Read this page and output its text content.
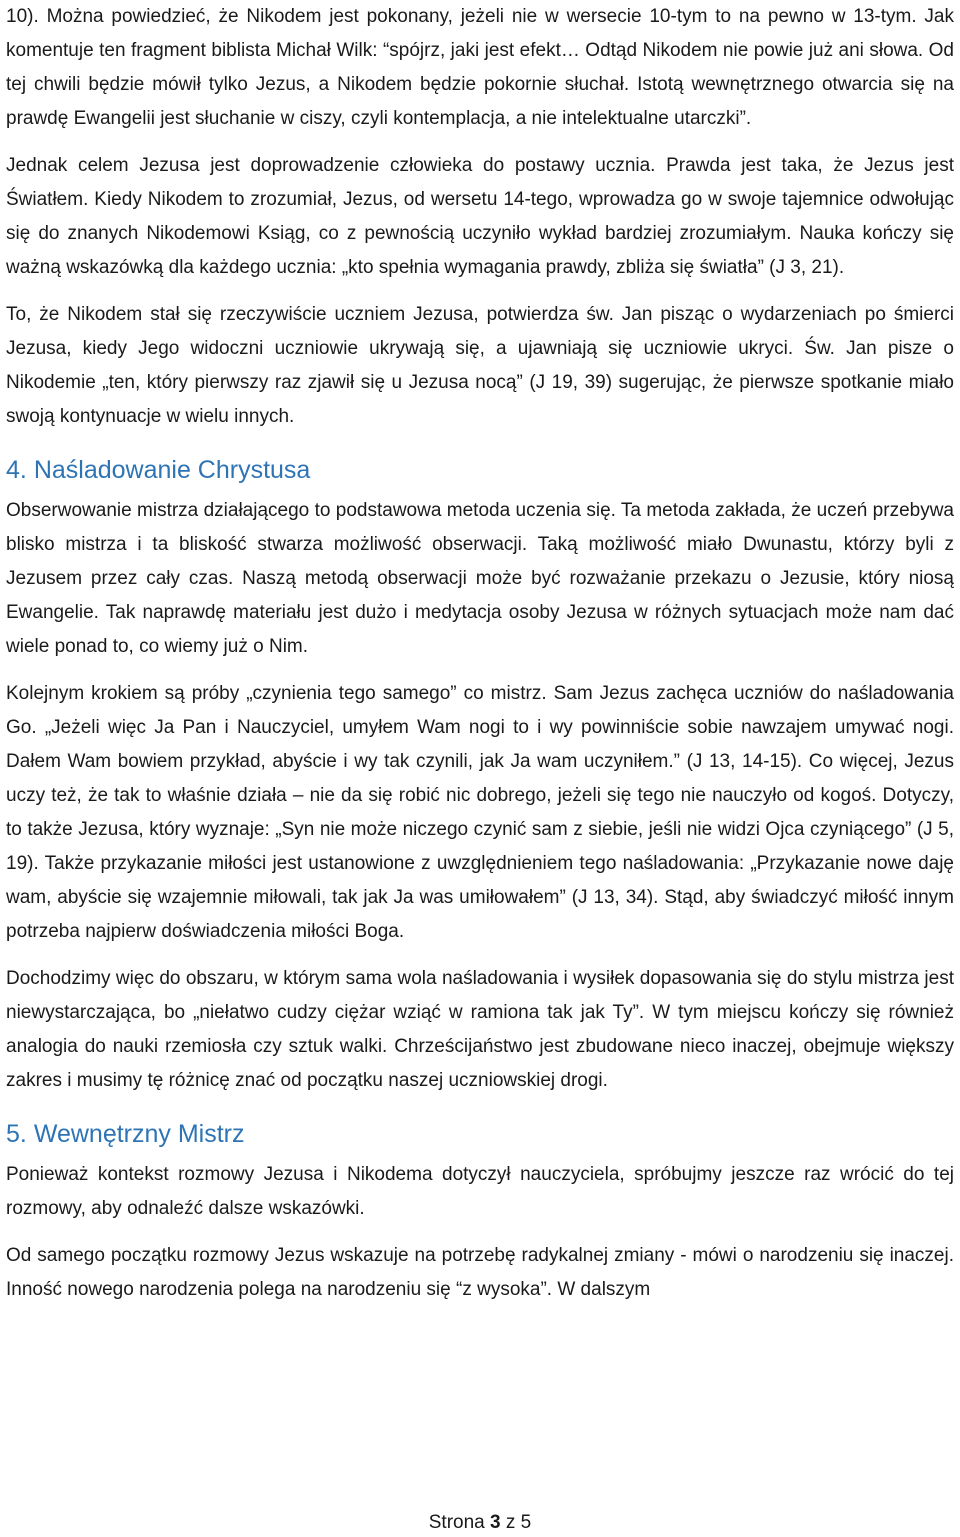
10). Można powiedzieć, że Nikodem jest pokonany, jeżeli nie w wersecie 10-tym to na pewno w 13-tym. Jak komentuje ten fragment biblista Michał Wilk: “spójrz, jaki jest efekt… Odtąd Nikodem nie powie już ani słowa. Od tej chwili będzie mówił tylko Jezus, a Nikodem będzie pokornie słuchał. Istotą wewnętrznego otwarcia się na prawdę Ewangelii jest słuchanie w ciszy, czyli kontemplacja, a nie intelektualne utarczki”.

Jednak celem Jezusa jest doprowadzenie człowieka do postawy ucznia. Prawda jest taka, że Jezus jest Światłem. Kiedy Nikodem to zrozumiał, Jezus, od wersetu 14-tego, wprowadza go w swoje tajemnice odwołując się do znanych Nikodemowi Ksiąg, co z pewnością uczyniło wykład bardziej zrozumiałym. Nauka kończy się ważną wskazówką dla każdego ucznia: „kto spełnia wymagania prawdy, zbliża się światła” (J 3, 21).

To, że Nikodem stał się rzeczywiście uczniem Jezusa, potwierdza św. Jan pisząc o wydarzeniach po śmierci Jezusa, kiedy Jego widoczni uczniowie ukrywają się, a ujawniają się uczniowie ukryci. Św. Jan pisze o Nikodemie „ten, który pierwszy raz zjawił się u Jezusa nocą” (J 19, 39) sugerując, że pierwsze spotkanie miało swoją kontynuacje w wielu innych.

4. Naśladowanie Chrystusa

Obserwowanie mistrza działającego to podstawowa metoda uczenia się. Ta metoda zakłada, że uczeń przebywa blisko mistrza i ta bliskość stwarza możliwość obserwacji. Taką możliwość miało Dwunastu, którzy byli z Jezusem przez cały czas. Naszą metodą obserwacji może być rozważanie przekazu o Jezusie, który niosą Ewangelie. Tak naprawdę materiału jest dużo i medytacja osoby Jezusa w różnych sytuacjach może nam dać wiele ponad to, co wiemy już o Nim.

Kolejnym krokiem są próby „czynienia tego samego” co mistrz. Sam Jezus zachęca uczniów do naśladowania Go. „Jeżeli więc Ja Pan i Nauczyciel, umyłem Wam nogi to i wy powinniście sobie nawzajem umywać nogi. Dałem Wam bowiem przykład, abyście i wy tak czynili, jak Ja wam uczyniłem.” (J 13, 14-15). Co więcej, Jezus uczy też, że tak to właśnie działa – nie da się robić nic dobrego, jeżeli się tego nie nauczyło od kogoś. Dotyczy, to także Jezusa, który wyznaje: „Syn nie może niczego czynić sam z siebie, jeśli nie widzi Ojca czyniącego” (J 5, 19). Także przykazanie miłości jest ustanowione z uwzględnieniem tego naśladowania: „Przykazanie nowe daję wam, abyście się wzajemnie miłowali, tak jak Ja was umiłowałem” (J 13, 34). Stąd, aby świadczyć miłość innym potrzeba najpierw doświadczenia miłości Boga.

Dochodzimy więc do obszaru, w którym sama wola naśladowania i wysiłek dopasowania się do stylu mistrza jest niewystarczająca, bo „niełatwo cudzy ciężar wziąć w ramiona tak jak Ty”. W tym miejscu kończy się również analogia do nauki rzemiosła czy sztuk walki. Chrześcijaństwo jest zbudowane nieco inaczej, obejmuje większy zakres i musimy tę różnicę znać od początku naszej uczniowskiej drogi.

5. Wewnętrzny Mistrz

Ponieważ kontekst rozmowy Jezusa i Nikodema dotyczył nauczyciela, spróbujmy jeszcze raz wrócić do tej rozmowy, aby odnaleźć dalsze wskazówki.

Od samego początku rozmowy Jezus wskazuje na potrzebę radykalnej zmiany - mówi o narodzeniu się inaczej. Inność nowego narodzenia polega na narodzeniu się “z wysoka”. W dalszym

Strona 3 z 5
